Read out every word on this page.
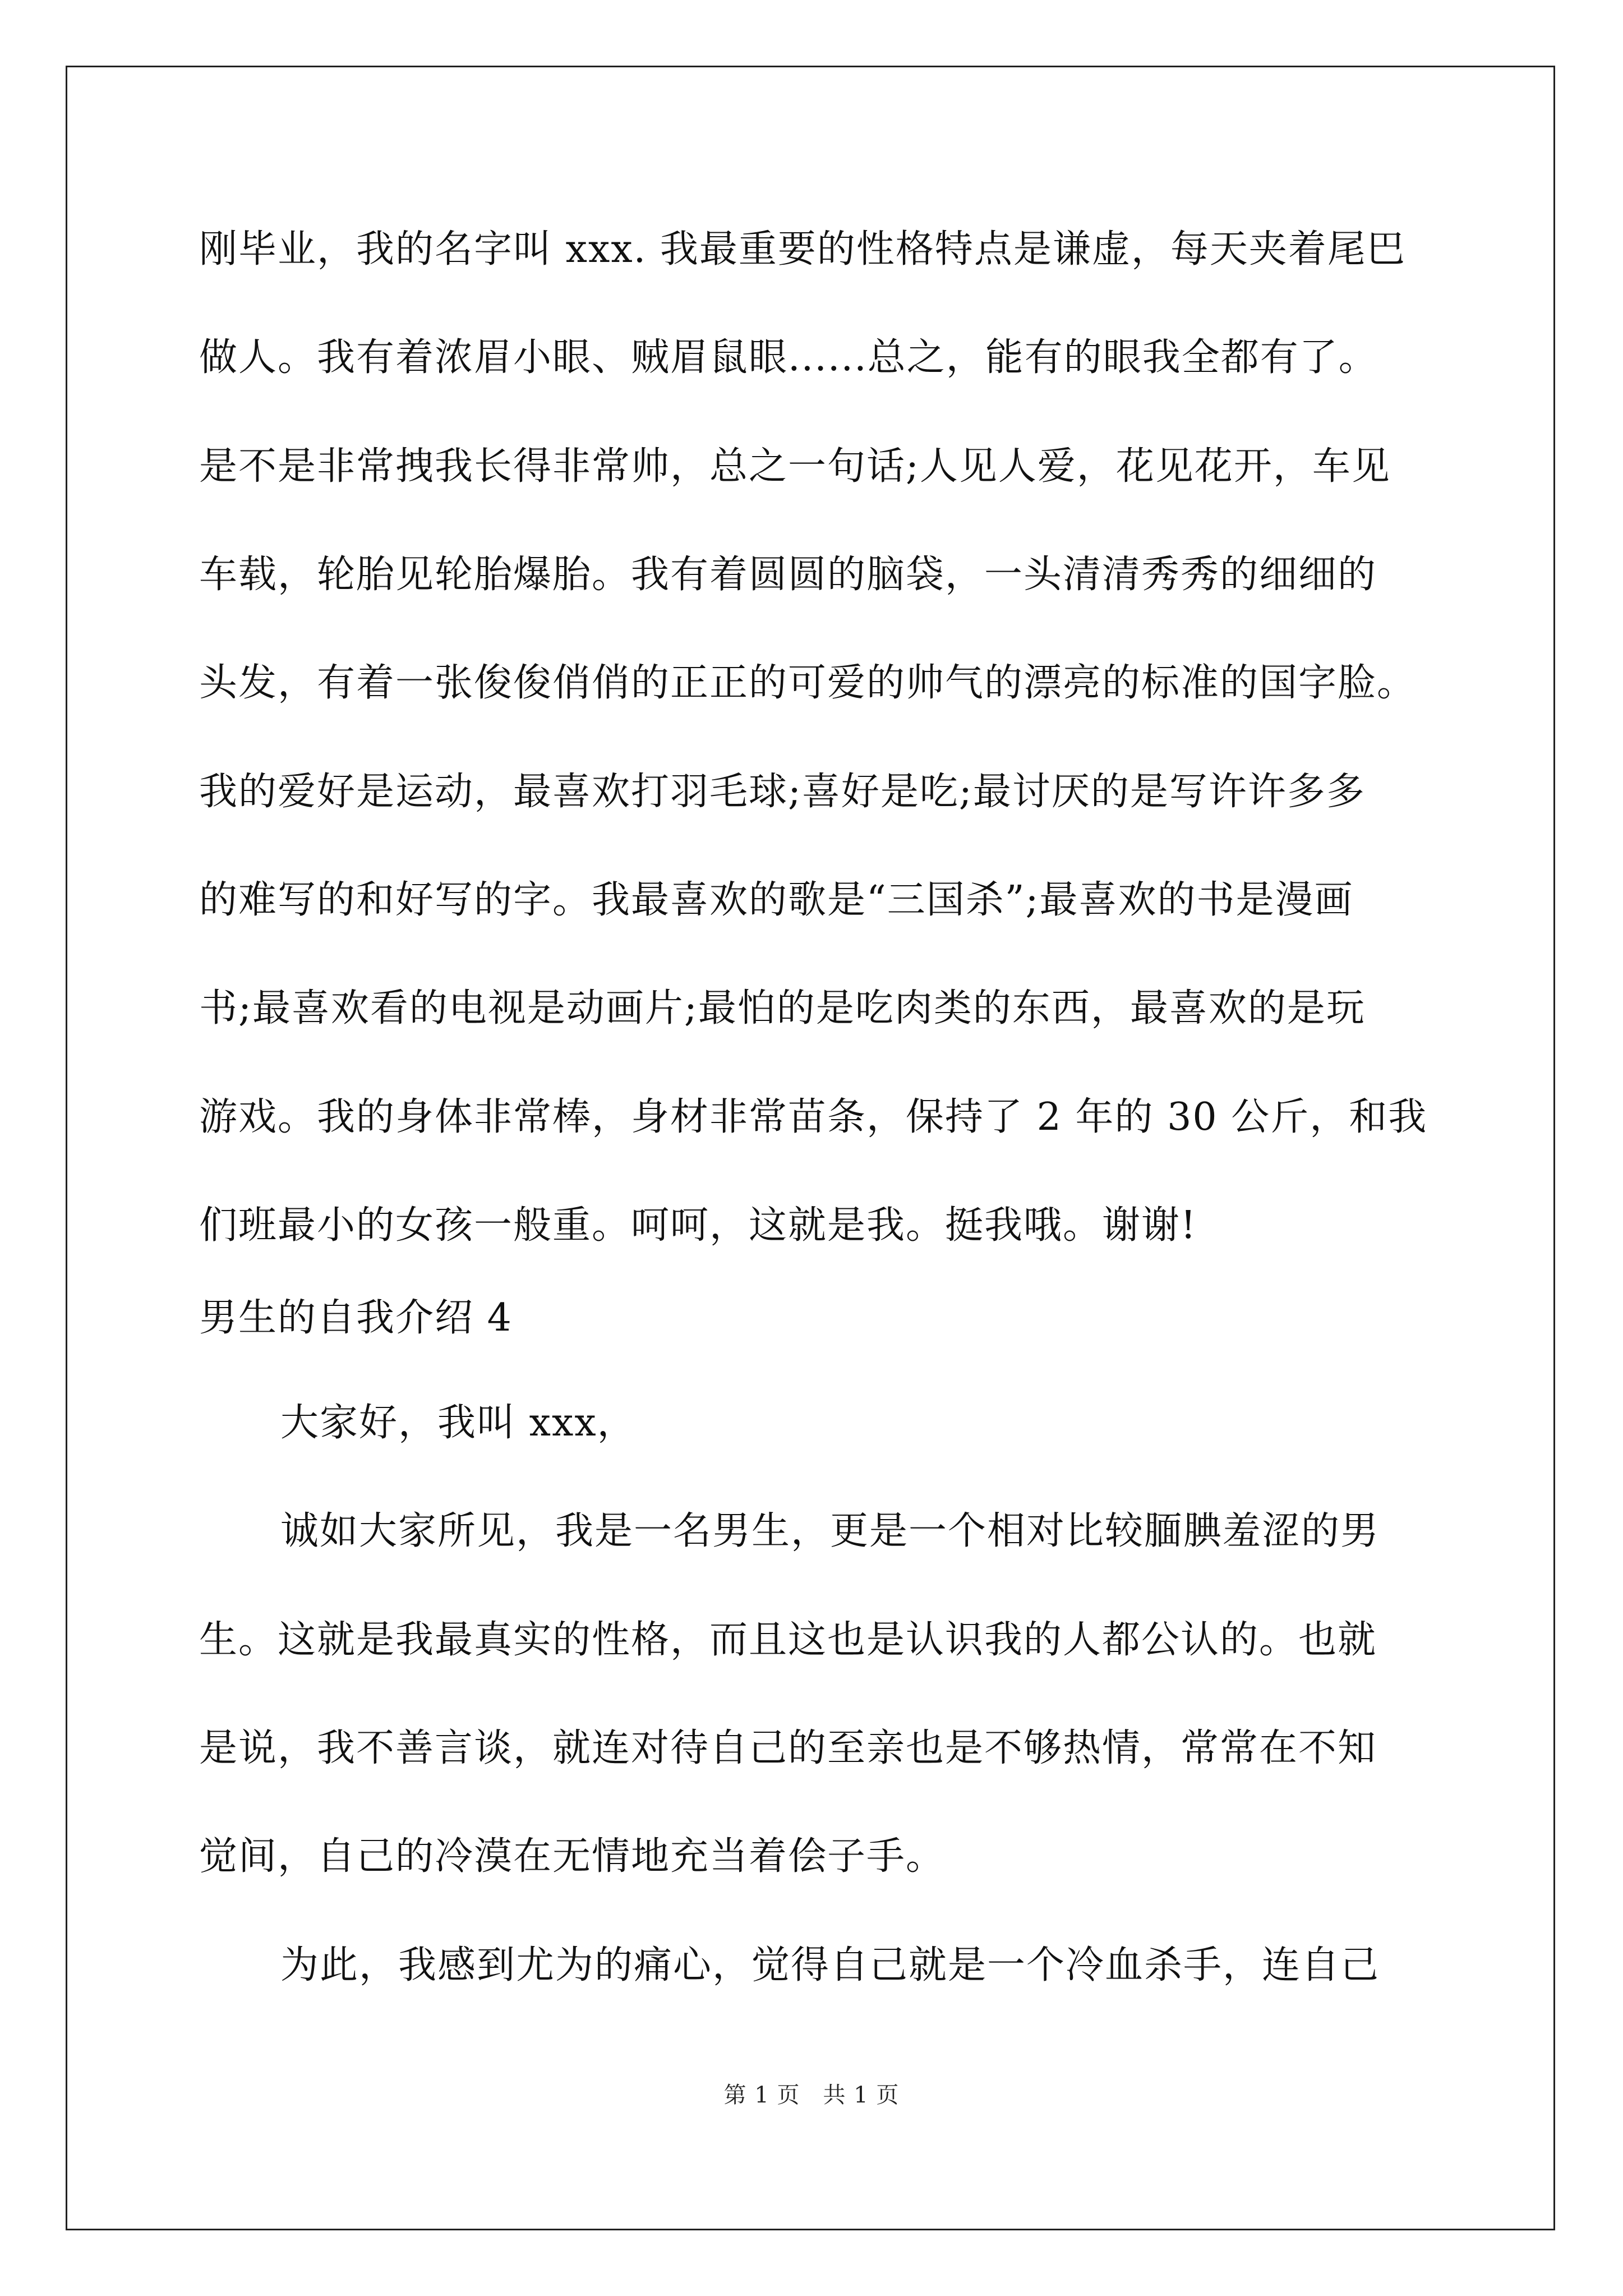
刚毕业，我的名字叫 xxx. 我最重要的性格特点是谦虚，每天夹着尾巴
做人。我有着浓眉小眼、贼眉鼠眼......总之，能有的眼我全都有了。
是不是非常拽我长得非常帅，总之一句话;人见人爱，花见花开，车见
车载，轮胎见轮胎爆胎。我有着圆圆的脑袋，一头清清秀秀的细细的
头发，有着一张俊俊俏俏的正正的可爱的帅气的漂亮的标准的国字脸。
我的爱好是运动，最喜欢打羽毛球;喜好是吃;最讨厌的是写许许多多
的难写的和好写的字。我最喜欢的歌是“三国杀”;最喜欢的书是漫画
书;最喜欢看的电视是动画片;最怕的是吃肉类的东西，最喜欢的是玩
游戏。我的身体非常棒，身材非常苗条，保持了 2 年的 30 公斤，和我
们班最小的女孩一般重。呵呵，这就是我。挺我哦。谢谢!
男生的自我介绍 4
大家好，我叫 xxx，
诚如大家所见，我是一名男生，更是一个相对比较腼腆羞涩的男
生。这就是我最真实的性格，而且这也是认识我的人都公认的。也就
是说，我不善言谈，就连对待自己的至亲也是不够热情，常常在不知
觉间，自己的冷漠在无情地充当着侩子手。
为此，我感到尤为的痛心，觉得自己就是一个冷血杀手，连自己
第 1 页　共 1 页
